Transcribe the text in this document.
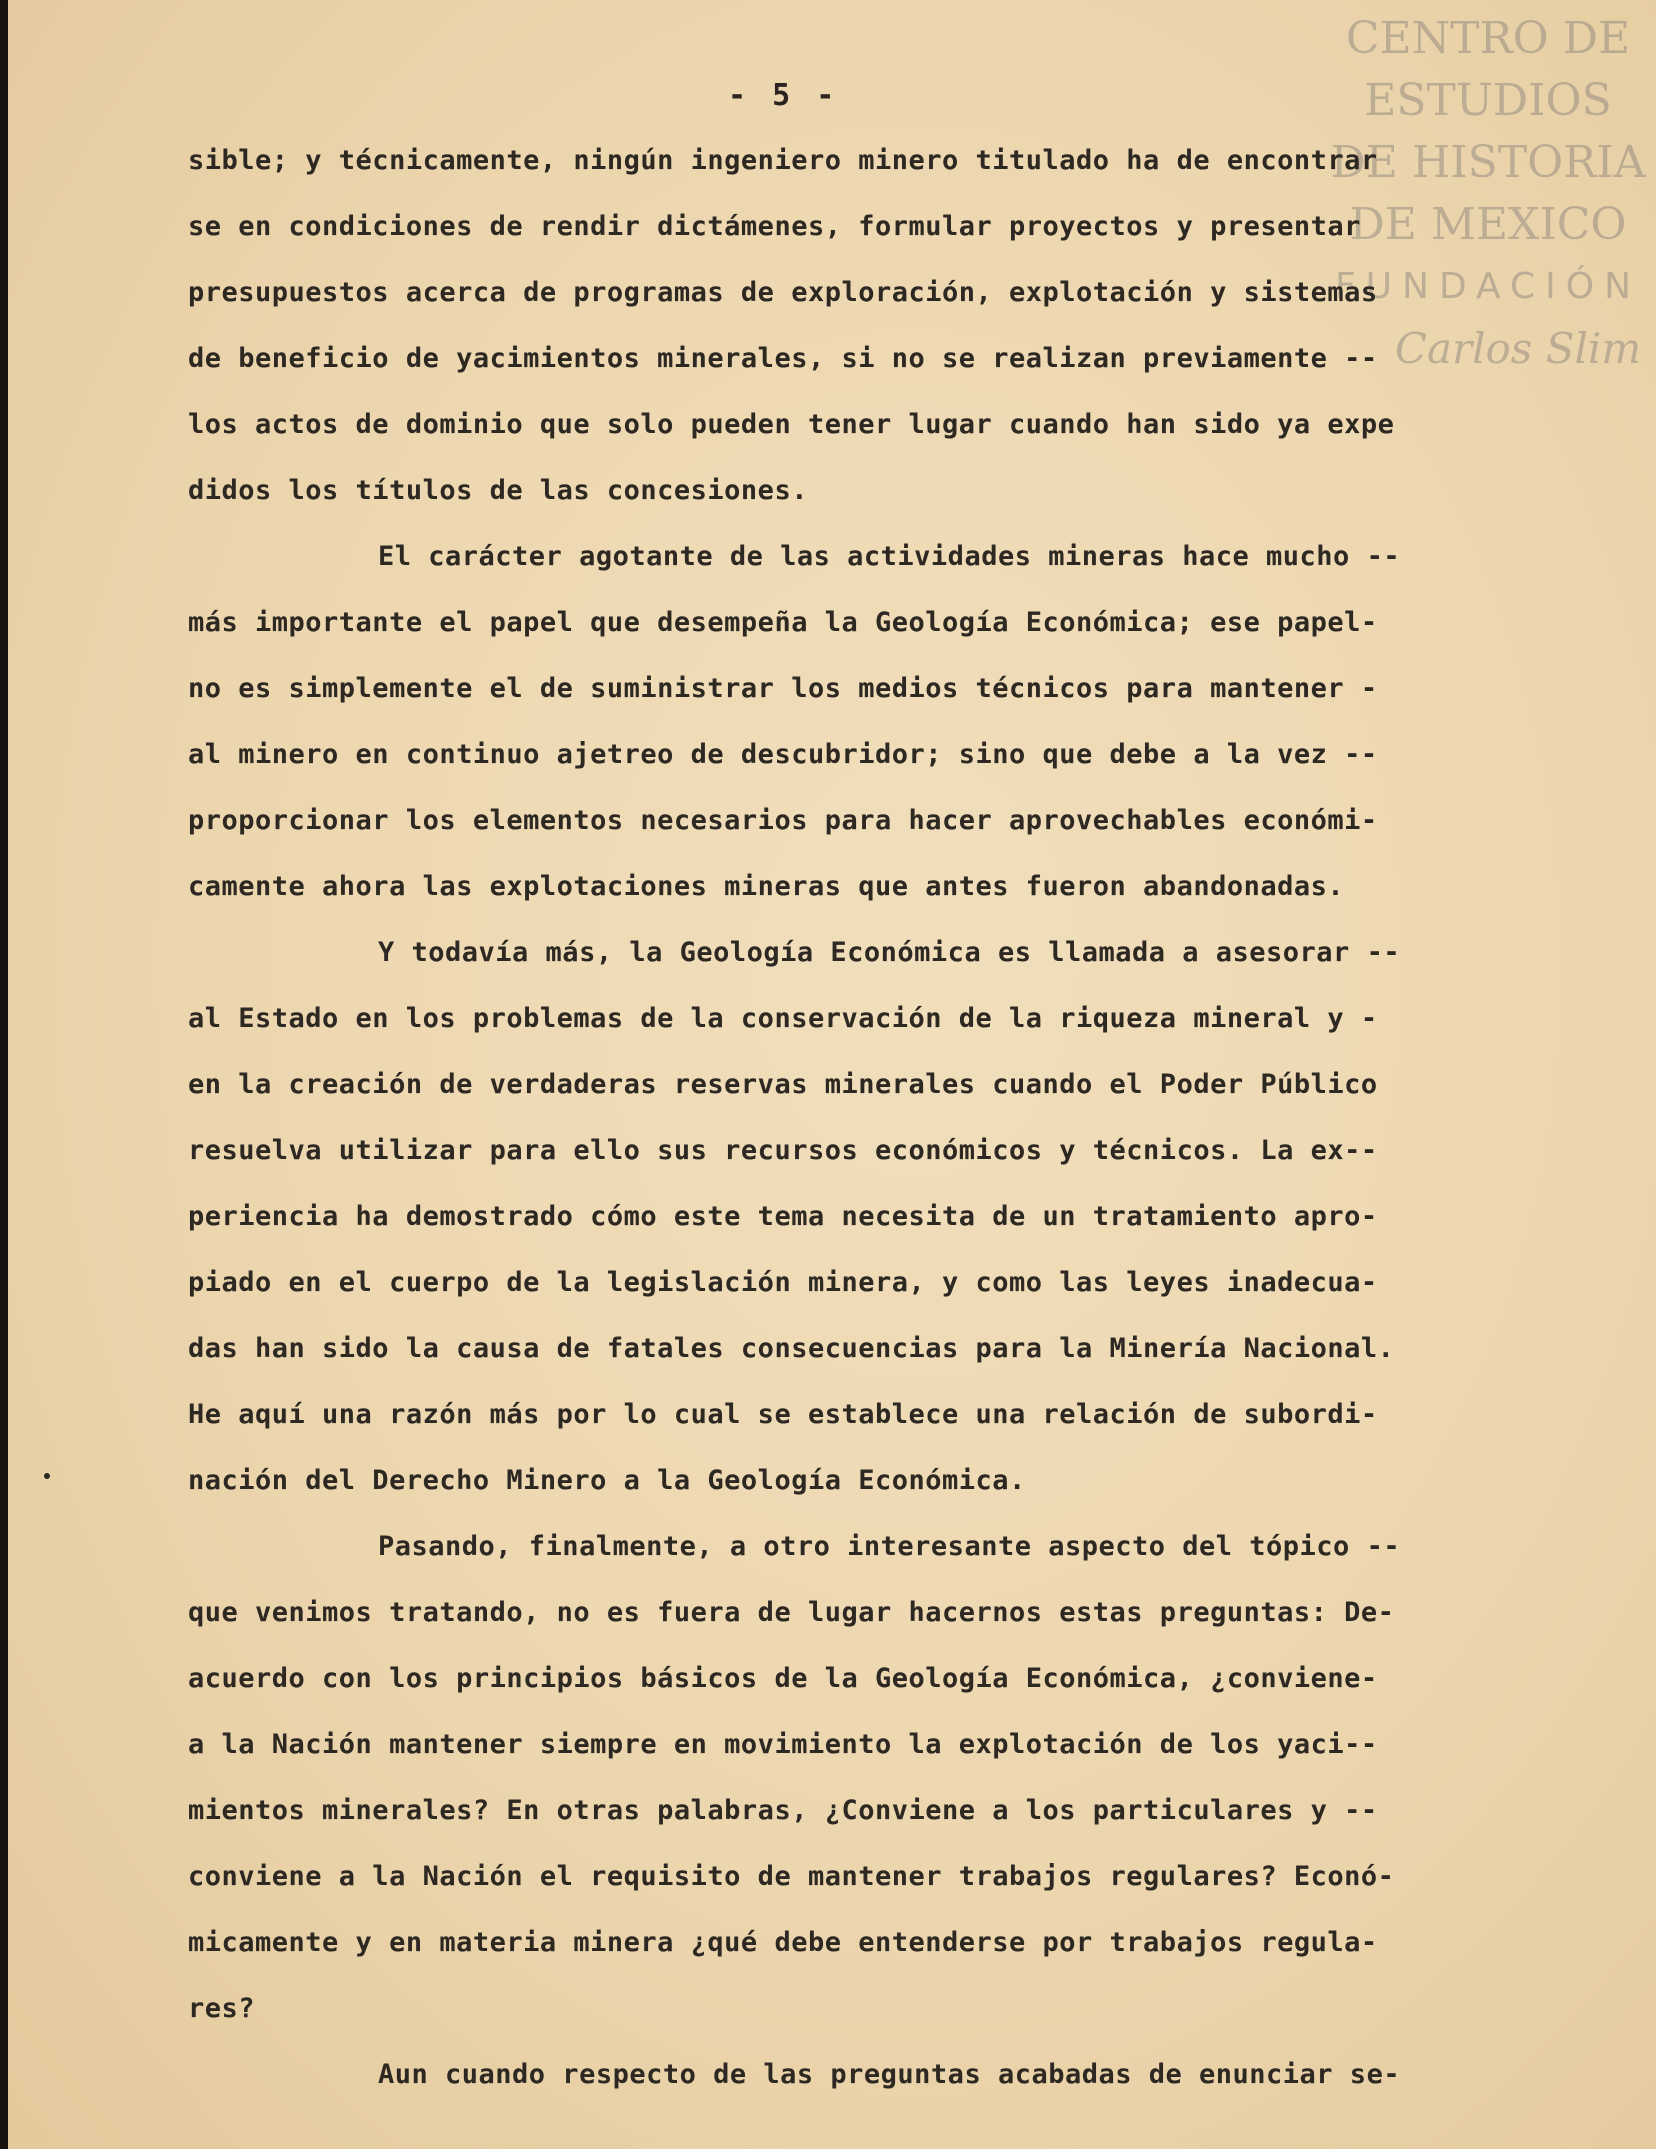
- 5 -
CENTRO DE
ESTUDIOS
DE HISTORIA
DE MEXICO
FUNDACIÓN
Carlos Slim
sible; y técnicamente, ningún ingeniero minero titulado ha de encontrar
se en condiciones de rendir dictámenes, formular proyectos y presentar
presupuestos acerca de programas de exploración, explotación y sistemas
de beneficio de yacimientos minerales, si no se realizan previamente --
los actos de dominio que solo pueden tener lugar cuando han sido ya expe
didos los títulos de las concesiones.
El carácter agotante de las actividades mineras hace mucho --
más importante el papel que desempeña la Geología Económica; ese papel-
no es simplemente el de suministrar los medios técnicos para mantener -
al minero en continuo ajetreo de descubridor; sino que debe a la vez --
proporcionar los elementos necesarios para hacer aprovechables económi-
camente ahora las explotaciones mineras que antes fueron abandonadas.
Y todavía más, la Geología Económica es llamada a asesorar --
al Estado en los problemas de la conservación de la riqueza mineral y -
en la creación de verdaderas reservas minerales cuando el Poder Público
resuelva utilizar para ello sus recursos económicos y técnicos. La ex--
periencia ha demostrado cómo este tema necesita de un tratamiento apro-
piado en el cuerpo de la legislación minera, y como las leyes inadecua-
das han sido la causa de fatales consecuencias para la Minería Nacional.
He aquí una razón más por lo cual se establece una relación de subordi-
nación del Derecho Minero a la Geología Económica.
Pasando, finalmente, a otro interesante aspecto del tópico --
que venimos tratando, no es fuera de lugar hacernos estas preguntas: De-
acuerdo con los principios básicos de la Geología Económica, ¿conviene-
a la Nación mantener siempre en movimiento la explotación de los yaci--
mientos minerales? En otras palabras, ¿Conviene a los particulares y --
conviene a la Nación el requisito de mantener trabajos regulares? Econó-
micamente y en materia minera ¿qué debe entenderse por trabajos regula-
res?
Aun cuando respecto de las preguntas acabadas de enunciar se-
